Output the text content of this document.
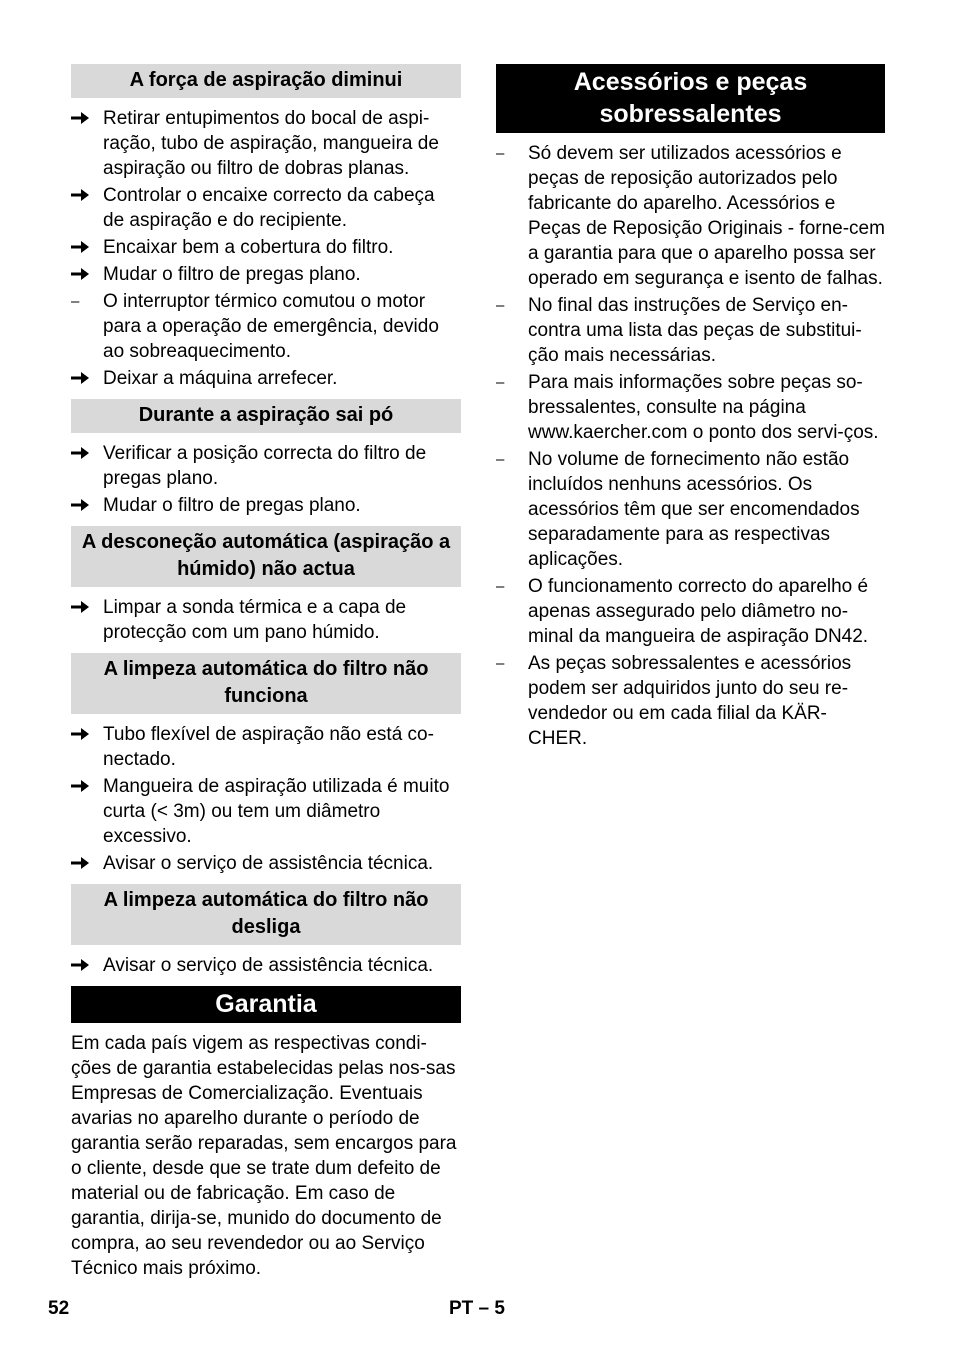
A força de aspiração diminui
Retirar entupimentos do bocal de aspi-ração, tubo de aspiração, mangueira de aspiração ou filtro de dobras planas.
Controlar o encaixe correcto da cabeça de aspiração e do recipiente.
Encaixar bem a cobertura do filtro.
Mudar o filtro de pregas plano.
–	O interruptor térmico comutou o motor para a operação de emergência, devido ao sobreaquecimento.
Deixar a máquina arrefecer.
Durante a aspiração sai pó
Verificar a posição correcta do filtro de pregas plano.
Mudar o filtro de pregas plano.
A desconeção automática (aspiração a húmido) não actua
Limpar a sonda térmica e a capa de protecção com um pano húmido.
A limpeza automática do filtro não funciona
Tubo flexível de aspiração não está co-nectado.
Mangueira de aspiração utilizada é muito curta (< 3m) ou tem um diâmetro excessivo.
Avisar o serviço de assistência técnica.
A limpeza automática do filtro não desliga
Avisar o serviço de assistência técnica.
Garantia

Em cada país vigem as respectivas condi-ções de garantia estabelecidas pelas nos-sas Empresas de Comercialização. Eventuais avarias no aparelho durante o período de garantia serão reparadas, sem encargos para o cliente, desde que se trate dum defeito de material ou de fabricação. Em caso de garantia, dirija-se, munido do documento de compra, ao seu revendedor ou ao Serviço Técnico mais próximo.

Acessórios e peças sobressalentes
–	Só devem ser utilizados acessórios e peças de reposição autorizados pelo fabricante do aparelho. Acessórios e Peças de Reposição Originais - forne-cem a garantia para que o aparelho possa ser operado em segurança e isento de falhas.
–	No final das instruções de Serviço en-contra uma lista das peças de substitui-ção mais necessárias.
–	Para mais informações sobre peças so-bressalentes, consulte na página www.kaercher.com o ponto dos servi-ços.
–	No volume de fornecimento não estão incluídos nenhuns acessórios. Os acessórios têm que ser encomendados separadamente para as respectivas aplicações.
–	O funcionamento correcto do aparelho é apenas assegurado pelo diâmetro no-minal da mangueira de aspiração DN42.
–	As peças sobressalentes e acessórios podem ser adquiridos junto do seu re-vendedor ou em cada filial da KÄR-CHER.
52	PT – 5
